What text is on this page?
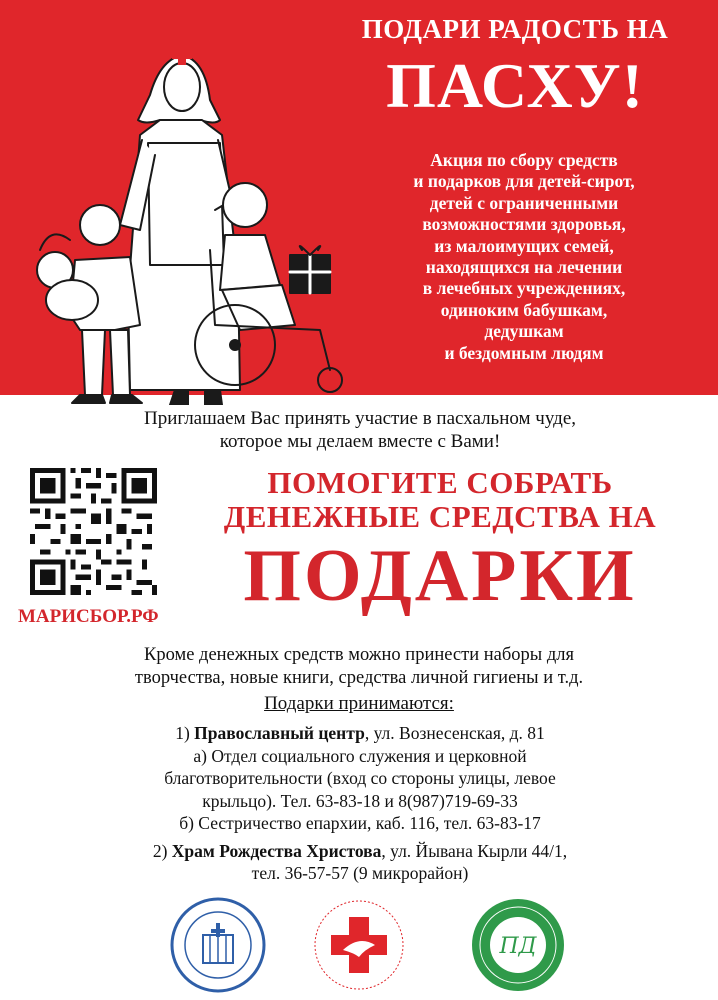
ПОДАРИ РАДОСТЬ НА
ПАСХУ!
Акция по сбору средств
и подарков для детей-сирот,
детей с ограниченными
возможностями здоровья,
из малоимущих семей,
находящихся на лечении
в лечебных учреждениях,
одиноким бабушкам,
дедушкам
и бездомным людям
Приглашаем Вас принять участие в пасхальном чуде,
которое мы делаем вместе с Вами!
МАРИСБОР.РФ
ПОМОГИТЕ СОБРАТЬ
ДЕНЕЖНЫЕ СРЕДСТВА НА
ПОДАРКИ
Кроме денежных средств можно принести наборы для
творчества, новые книги, средства личной гигиены и т.д.
Подарки принимаются:
1) Православный центр, ул. Вознесенская, д. 81
а) Отдел социального служения и церковной
благотворительности (вход со стороны улицы, левое
крыльцо). Тел. 63-83-18 и 8(987)719-69-33
б) Сестричество епархии, каб. 116, тел. 63-83-17
2) Храм Рождества Христова, ул. Йывана Кырли 44/1,
тел. 36-57-57 (9 микрорайон)
ПД
